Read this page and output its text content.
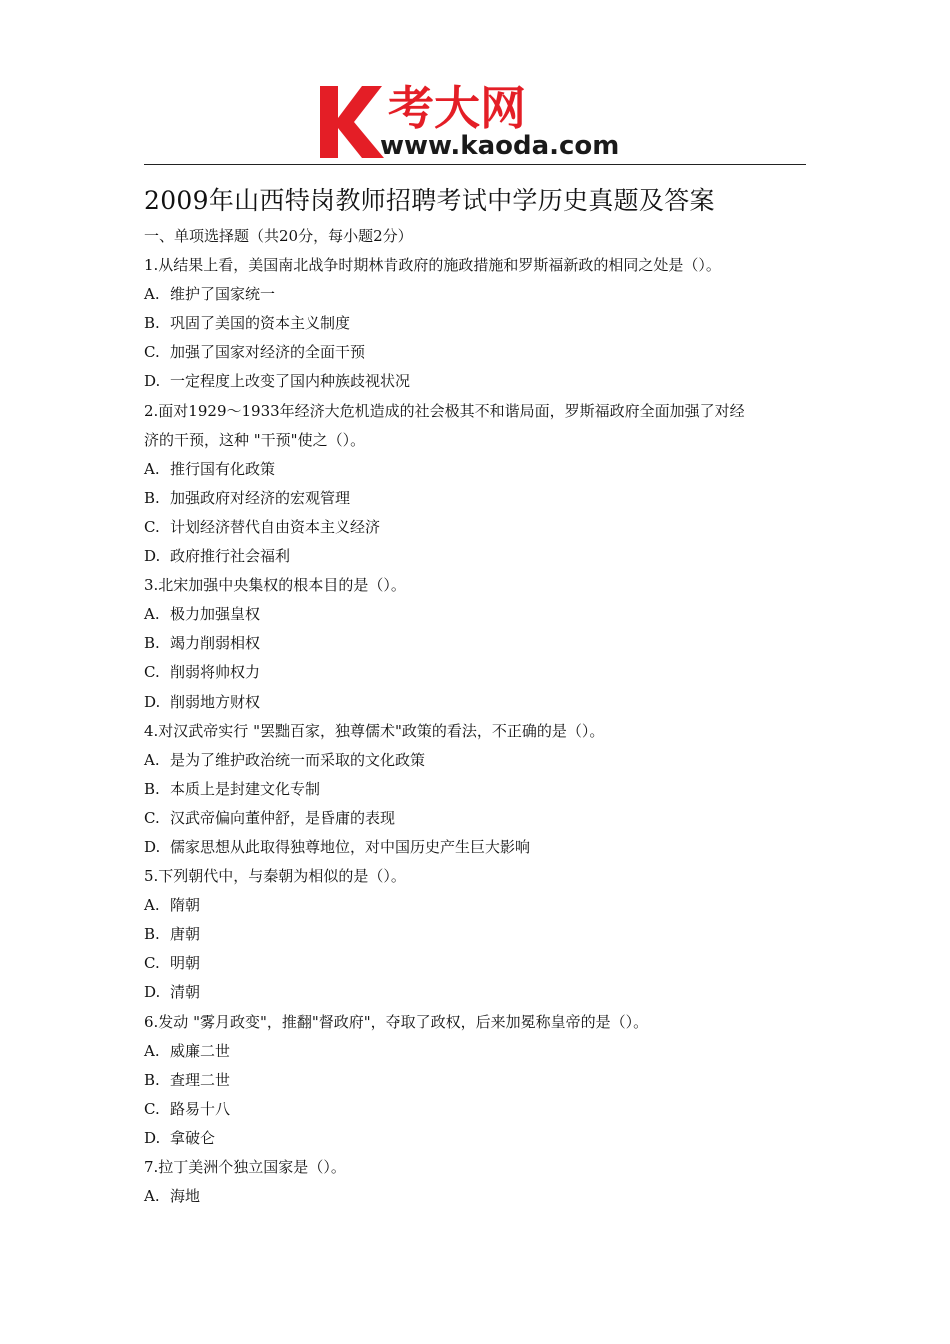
考大网
www.kaoda.com
2009年山西特岗教师招聘考试中学历史真题及答案
一、单项选择题（共20分，每小题2分）
1.从结果上看，美国南北战争时期林肯政府的施政措施和罗斯福新政的相同之处是（）。
A. 维护了国家统一
B. 巩固了美国的资本主义制度
C. 加强了国家对经济的全面干预
D. 一定程度上改变了国内种族歧视状况
2.面对1929～1933年经济大危机造成的社会极其不和谐局面，罗斯福政府全面加强了对经
济的干预，这种 "干预"使之（）。
A. 推行国有化政策
B. 加强政府对经济的宏观管理
C. 计划经济替代自由资本主义经济
D. 政府推行社会福利
3.北宋加强中央集权的根本目的是（）。
A. 极力加强皇权
B. 竭力削弱相权
C. 削弱将帅权力
D. 削弱地方财权
4.对汉武帝实行 "罢黜百家，独尊儒术"政策的看法，不正确的是（）。
A. 是为了维护政治统一而采取的文化政策
B. 本质上是封建文化专制
C. 汉武帝偏向董仲舒，是昏庸的表现
D. 儒家思想从此取得独尊地位，对中国历史产生巨大影响
5.下列朝代中，与秦朝为相似的是（）。
A. 隋朝
B. 唐朝
C. 明朝
D. 清朝
6.发动 "雾月政变"，推翻"督政府"，夺取了政权，后来加冕称皇帝的是（）。
A. 威廉二世
B. 查理二世
C. 路易十八
D. 拿破仑
7.拉丁美洲个独立国家是（）。
A. 海地
